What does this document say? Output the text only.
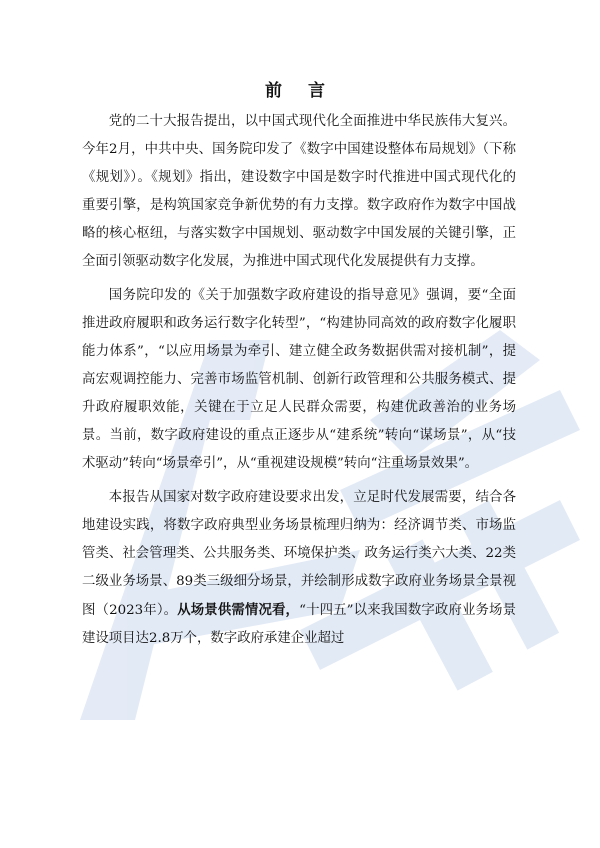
前 言

党的二十大报告提出，以中国式现代化全面推进中华民族伟大复兴。今年2月，中共中央、国务院印发了《数字中国建设整体布局规划》（下称《规划》）。《规划》指出，建设数字中国是数字时代推进中国式现代化的重要引擎，是构筑国家竞争新优势的有力支撑。数字政府作为数字中国战略的核心枢纽，与落实数字中国规划、驱动数字中国发展的关键引擎，正全面引领驱动数字化发展，为推进中国式现代化发展提供有力支撑。

国务院印发的《关于加强数字政府建设的指导意见》强调，要“全面推进政府履职和政务运行数字化转型”，“构建协同高效的政府数字化履职能力体系”，“以应用场景为牵引、建立健全政务数据供需对接机制”，提高宏观调控能力、完善市场监管机制、创新行政管理和公共服务模式、提升政府履职效能，关键在于立足人民群众需要，构建优政善治的业务场景。当前，数字政府建设的重点正逐步从“建系统”转向“谋场景”，从“技术驱动”转向“场景牵引”，从“重视建设规模”转向“注重场景效果”。

本报告从国家对数字政府建设要求出发，立足时代发展需要，结合各地建设实践，将数字政府典型业务场景梳理归纳为：经济调节类、市场监管类、社会管理类、公共服务类、环境保护类、政务运行类六大类、22类二级业务场景、89类三级细分场景，并绘制形成数字政府业务场景全景视图（2023年）。从场景供需情况看，“十四五”以来我国数字政府业务场景建设项目达2.8万个，数字政府承建企业超过
